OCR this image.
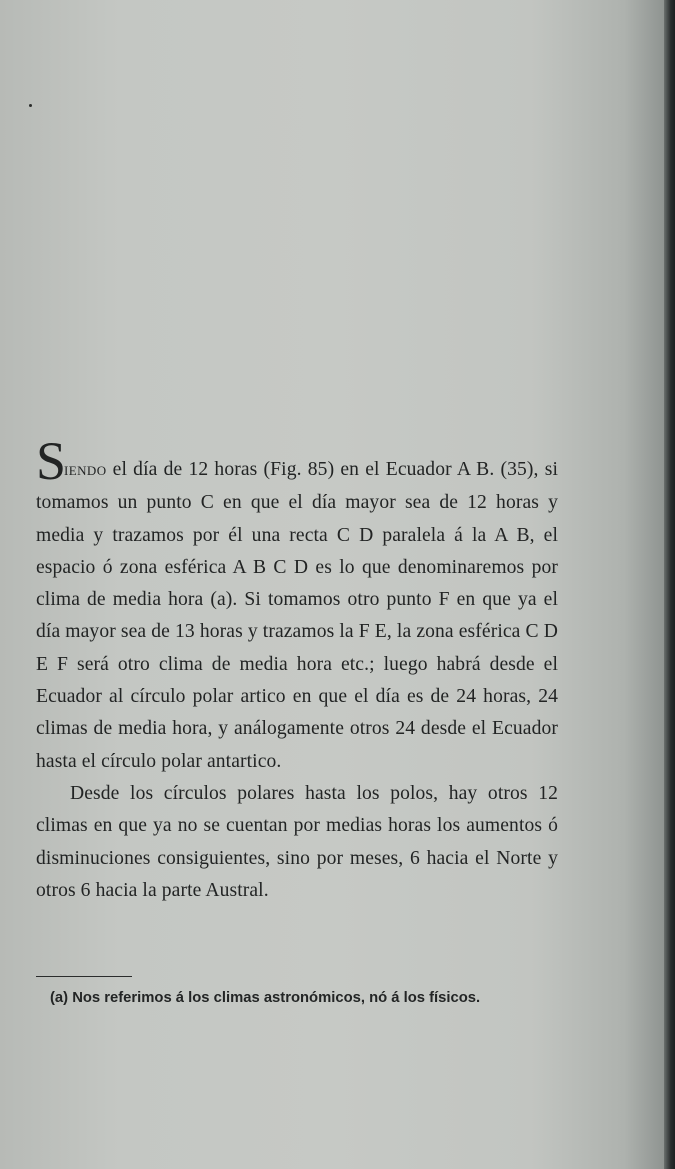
SIENDO el día de 12 horas (Fig. 85) en el Ecuador A B. (35), si tomamos un punto C en que el día mayor sea de 12 horas y media y trazamos por él una recta C D paralela á la A B, el espacio ó zona esférica A B C D es lo que denominaremos por clima de media hora (a). Si tomamos otro punto F en que ya el día mayor sea de 13 horas y trazamos la F E, la zona esférica C D E F será otro clima de media hora etc.; luego habrá desde el Ecuador al círculo polar artico en que el día es de 24 horas, 24 climas de media hora, y análogamente otros 24 desde el Ecuador hasta el círculo polar antartico.

Desde los círculos polares hasta los polos, hay otros 12 climas en que ya no se cuentan por medias horas los aumentos ó disminuciones consiguientes, sino por meses, 6 hacia el Norte y otros 6 hacia la parte Austral.

(a) Nos referimos á los climas astronómicos, nó á los físicos.
